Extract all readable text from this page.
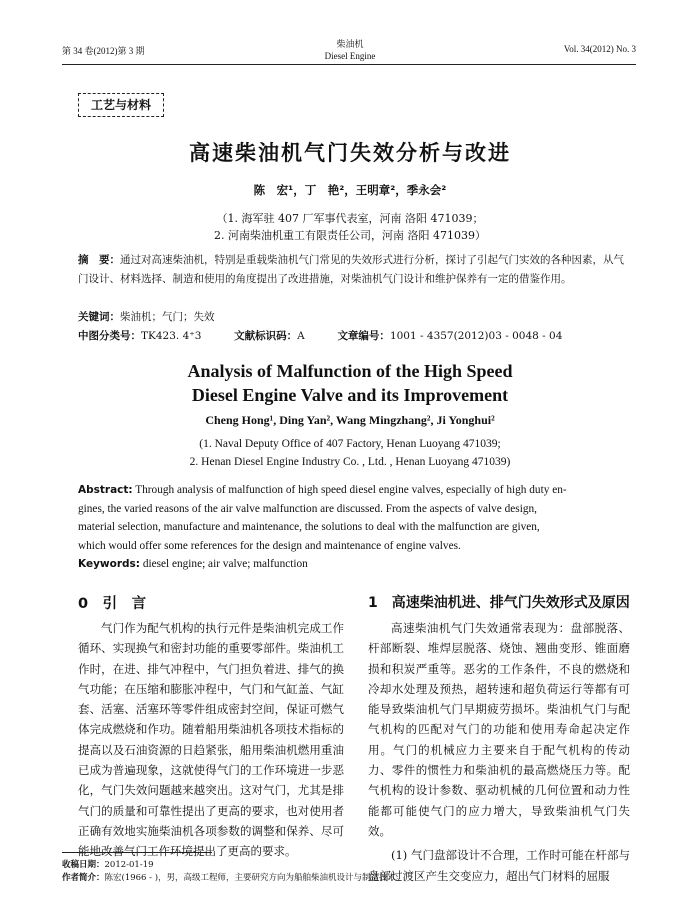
第 34 卷(2012)第 3 期
柴油机
Diesel Engine
Vol. 34(2012) No. 3
工艺与材料
高速柴油机气门失效分析与改进
陈　宏¹，丁　艳²，王明章²，季永会²
（1. 海军驻 407 厂军事代表室，河南 洛阳 471039；
2. 河南柴油机重工有限责任公司，河南 洛阳 471039）
摘　要：通过对高速柴油机，特别是重载柴油机气门常见的失效形式进行分析，探讨了引起气门实效的各种因素，从气门设计、材料选择、制造和使用的角度提出了改进措施，对柴油机气门设计和维护保养有一定的借鉴作用。
关键词：柴油机；气门；失效
中图分类号：TK423. 4⁺3	文献标识码：A	文章编号：1001 - 4357(2012)03 - 0048 - 04
Analysis of Malfunction of the High Speed
Diesel Engine Valve and its Improvement
Cheng Hong¹, Ding Yan², Wang Mingzhang², Ji Yonghui²
(1. Naval Deputy Office of 407 Factory, Henan Luoyang 471039;
2. Henan Diesel Engine Industry Co. , Ltd. , Henan Luoyang 471039)
Abstract: Through analysis of malfunction of high speed diesel engine valves, especially of high duty en-
gines, the varied reasons of the air valve malfunction are discussed. From the aspects of valve design,
material selection, manufacture and maintenance, the solutions to deal with the malfunction are given,
which would offer some references for the design and maintenance of engine valves.
Keywords: diesel engine; air valve; malfunction
0　引　言

气门作为配气机构的执行元件是柴油机完成工作循环、实现换气和密封功能的重要零部件。柴油机工作时，在进、排气冲程中，气门担负着进、排气的换气功能；在压缩和膨胀冲程中，气门和气缸盖、气缸套、活塞、活塞环等零件组成密封空间，保证可燃气体完成燃烧和作功。随着船用柴油机各项技术指标的提高以及石油资源的日趋紧张，船用柴油机燃用重油已成为普遍现象，这就使得气门的工作环境进一步恶化，气门失效问题越来越突出。这对气门，尤其是排气门的质量和可靠性提出了更高的要求，也对使用者正确有效地实施柴油机各项参数的调整和保养、尽可能地改善气门工作环境提出了更高的要求。

1　高速柴油机进、排气门失效形式及原因

高速柴油机气门失效通常表现为：盘部脱落、杆部断裂、堆焊层脱落、烧蚀、翘曲变形、锥面磨损和积炭严重等。恶劣的工作条件，不良的燃烧和冷却水处理及预热，超转速和超负荷运行等都有可能导致柴油机气门早期疲劳损坏。柴油机气门与配气机构的匹配对气门的功能和使用寿命起决定作用。气门的机械应力主要来自于配气机构的传动力、零件的惯性力和柴油机的最高燃烧压力等。配气机构的设计参数、驱动机械的几何位置和动力性能都可能使气门的应力增大，导致柴油机气门失效。

(1) 气门盘部设计不合理，工作时可能在杆部与盘部过渡区产生交变应力，超出气门材料的屈服

收稿日期：2012-01-19
作者简介：陈宏(1966 - )，男，高级工程师，主要研究方向为船舶柴油机设计与制造技术。
